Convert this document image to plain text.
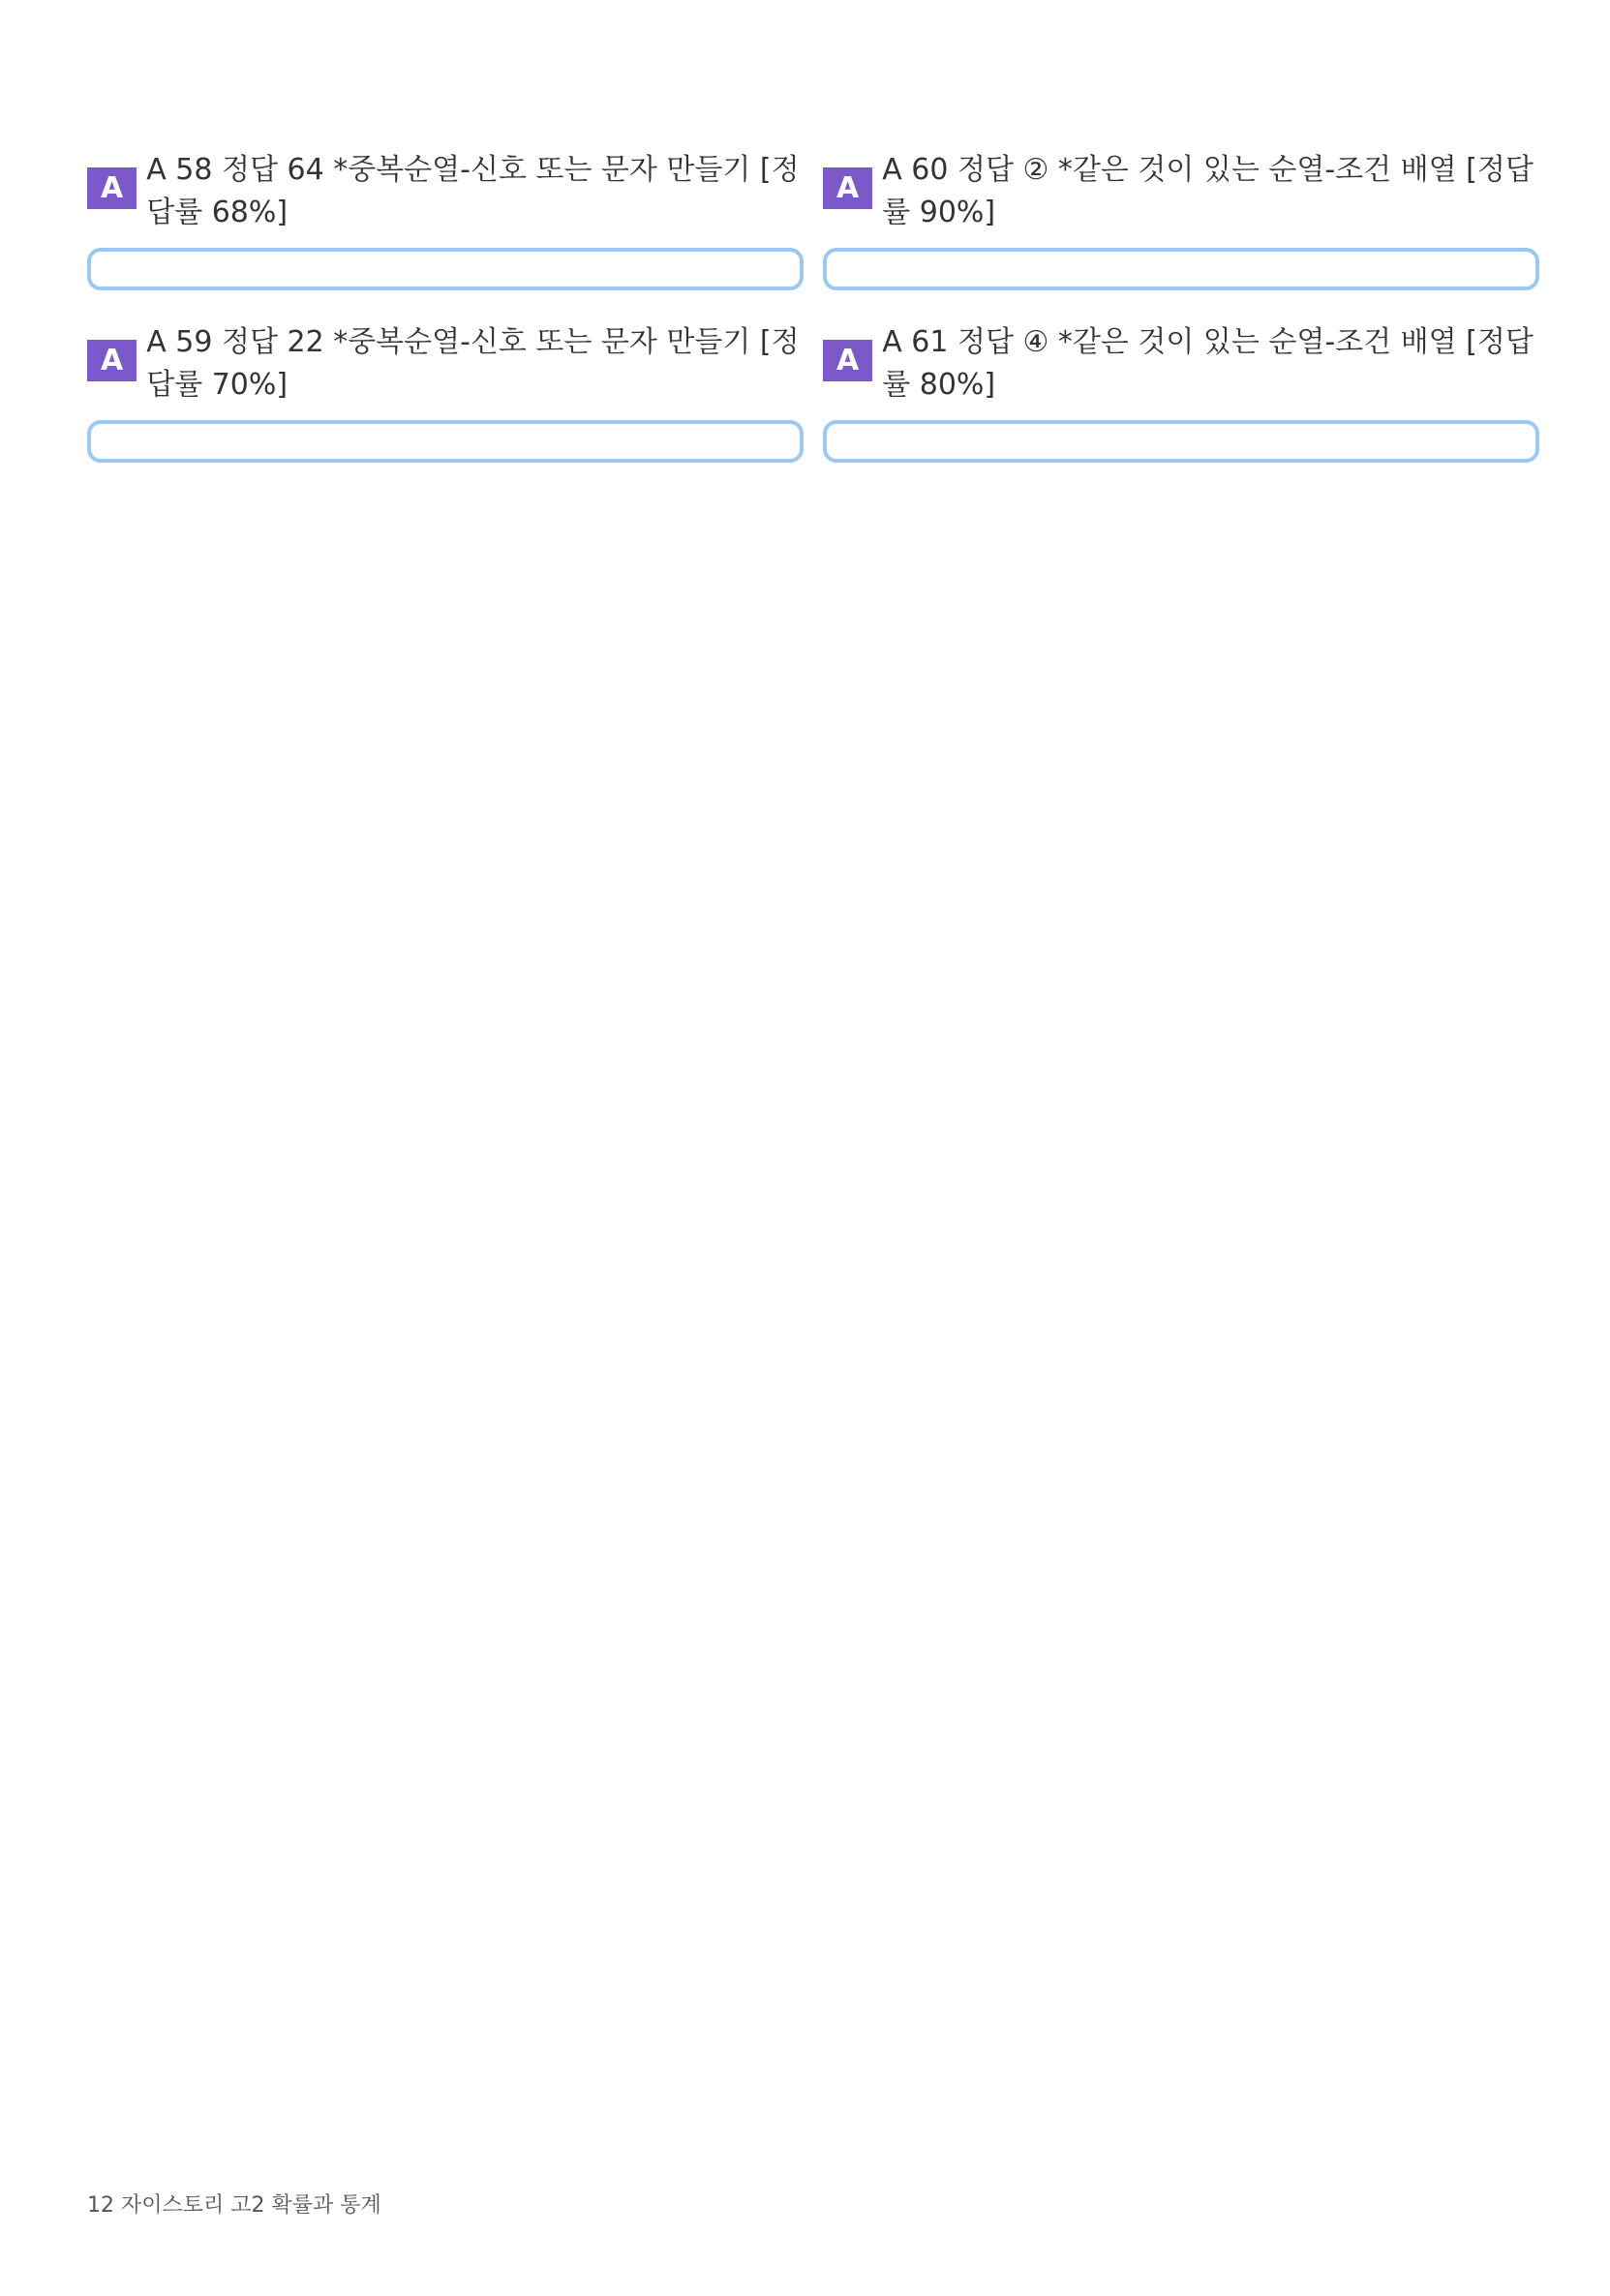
A
A 58 정답 64 *중복순열-신호 또는 문자 만들기 [정답률 68%]
A
A 59 정답 22 *중복순열-신호 또는 문자 만들기 [정답률 70%]
A
A 60 정답 ② *같은 것이 있는 순열-조건 배열 [정답률 90%]
A
A 61 정답 ④ *같은 것이 있는 순열-조건 배열 [정답률 80%]
12 자이스토리 고2 확률과 통계
